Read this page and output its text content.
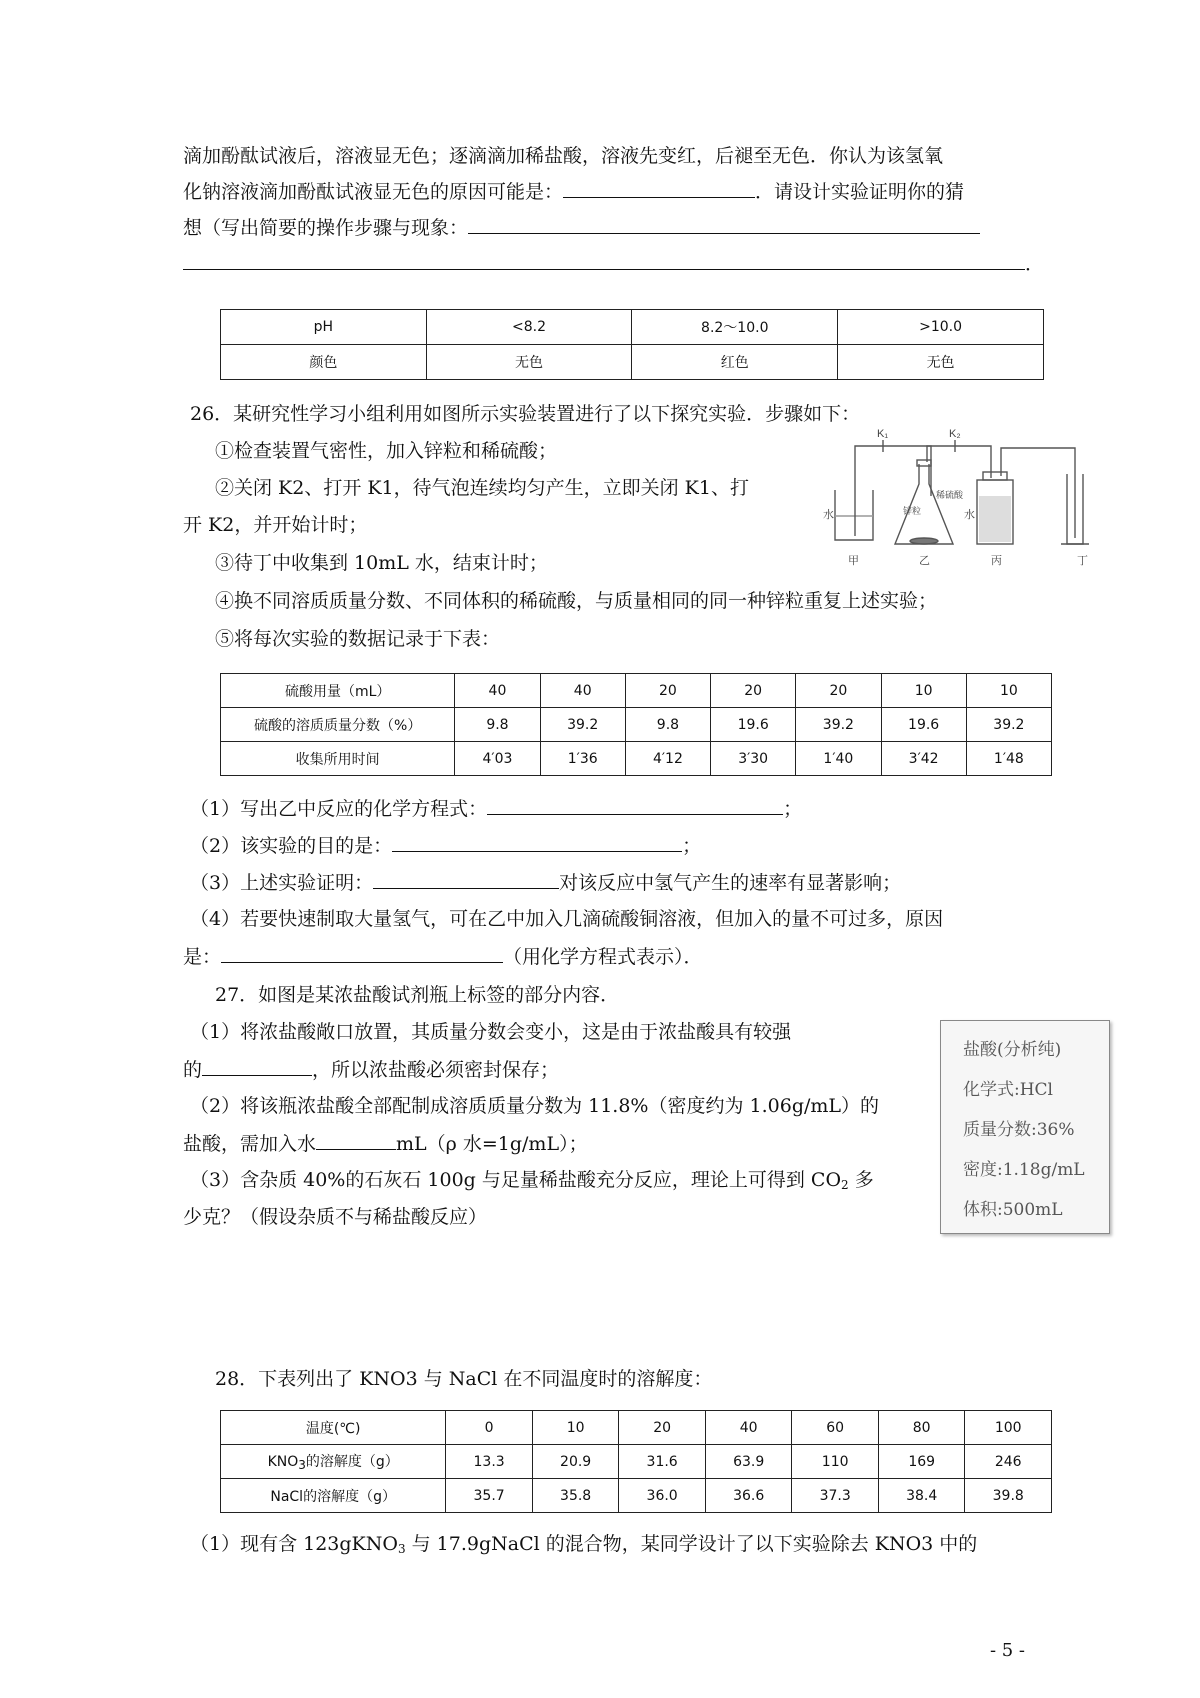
滴加酚酞试液后，溶液显无色；逐滴滴加稀盐酸，溶液先变红，后褪至无色．你认为该氢氧
化钠溶液滴加酚酞试液显无色的原因可能是：	．请设计实验证明你的猜
想（写出简要的操作步骤与现象：
．
pH	<8.2	8.2～10.0	>10.0
颜色	无色	红色	无色
26．某研究性学习小组利用如图所示实验装置进行了以下探究实验．步骤如下：
①检查装置气密性，加入锌粒和稀硫酸；
②关闭 K2、打开 K1，待气泡连续均匀产生，立即关闭 K1、打
开 K2，并开始计时；
③待丁中收集到 10mL 水，结束计时；
④换不同溶质质量分数、不同体积的稀硫酸，与质量相同的同一种锌粒重复上述实验；
⑤将每次实验的数据记录于下表：
K₁	K₂
水	水
锌粒
稀硫酸
甲	乙	丙	丁
硫酸用量（mL）	40	40	20	20	20	10	10
硫酸的溶质质量分数（%）	9.8	39.2	9.8	19.6	39.2	19.6	39.2
收集所用时间	4′03	1′36	4′12	3′30	1′40	3′42	1′48
（1）写出乙中反应的化学方程式：	；
（2）该实验的目的是：	；
（3）上述实验证明：	对该反应中氢气产生的速率有显著影响；
（4）若要快速制取大量氢气，可在乙中加入几滴硫酸铜溶液，但加入的量不可过多，原因
是：	（用化学方程式表示）．
27．如图是某浓盐酸试剂瓶上标签的部分内容．
（1）将浓盐酸敞口放置，其质量分数会变小，这是由于浓盐酸具有较强
的	，所以浓盐酸必须密封保存；
（2）将该瓶浓盐酸全部配制成溶质质量分数为 11.8%（密度约为 1.06g/mL）的
盐酸，需加入水	mL（ρ 水=1g/mL）；
（3）含杂质 40%的石灰石 100g 与足量稀盐酸充分反应，理论上可得到 $CO_2$ 多
少克？（假设杂质不与稀盐酸反应）
盐酸(分析纯)
化学式:HCl
质量分数:36%
密度:1.18g/mL
体积:500mL
28．下表列出了 KNO3 与 NaCl 在不同温度时的溶解度：
温度(℃)	0	10	20	40	60	80	100
$KNO_3$的溶解度（g）	13.3	20.9	31.6	63.9	110	169	246
NaCl的溶解度（g）	35.7	35.8	36.0	36.6	37.3	38.4	39.8
（1）现有含 123gKNO$_3$ 与 17.9gNaCl 的混合物，某同学设计了以下实验除去 KNO3 中的
- 5 -
